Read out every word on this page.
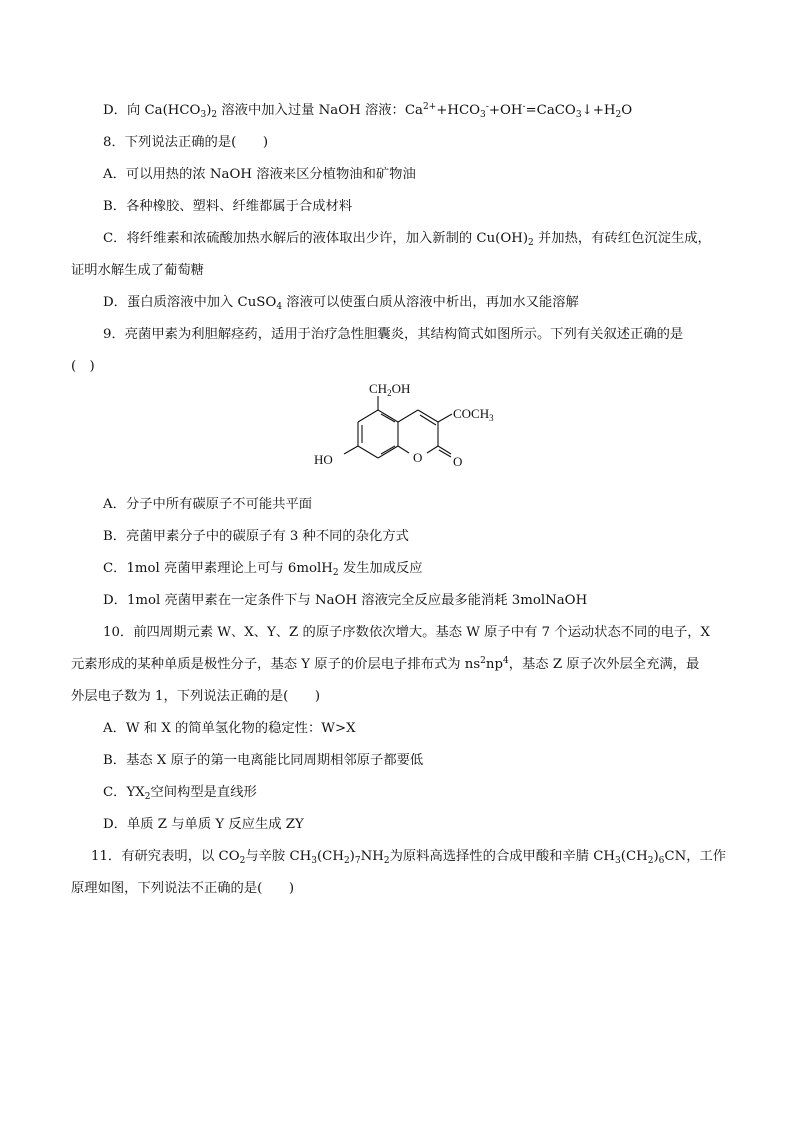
D．向 $Ca(HCO_3)_2$ 溶液中加入过量 NaOH 溶液：$Ca^{2+}+HCO_3^-+OH^-=CaCO_3↓+H_2O$
8．下列说法正确的是(　　)
A．可以用热的浓 NaOH 溶液来区分植物油和矿物油
B．各种橡胶、塑料、纤维都属于合成材料
C．将纤维素和浓硫酸加热水解后的液体取出少许，加入新制的 $Cu(OH)_2$ 并加热，有砖红色沉淀生成，
证明水解生成了葡萄糖
D．蛋白质溶液中加入 CuSO$_4$ 溶液可以使蛋白质从溶液中析出，再加水又能溶解
9．亮菌甲素为利胆解痉药，适用于治疗急性胆囊炎，其结构简式如图所示。下列有关叙述正确的是
(　)
$CH_2OH$
$COCH_3$
HO	O O
A．分子中所有碳原子不可能共平面
B．亮菌甲素分子中的碳原子有 3 种不同的杂化方式
C．1mol 亮菌甲素理论上可与 6molH$_2$ 发生加成反应
D．1mol 亮菌甲素在一定条件下与 NaOH 溶液完全反应最多能消耗 3molNaOH
10．前四周期元素 W、X、Y、Z 的原子序数依次增大。基态 W 原子中有 7 个运动状态不同的电子，X
元素形成的某种单质是极性分子，基态 Y 原子的价层电子排布式为 $ns^2np^4$，基态 Z 原子次外层全充满，最
外层电子数为 1，下列说法正确的是(　　)
A．W 和 X 的简单氢化物的稳定性：W>X
B．基态 X 原子的第一电离能比同周期相邻原子都要低
C．$YX_2$空间构型是直线形
D．单质 Z 与单质 Y 反应生成 ZY
11．有研究表明，以 $CO_2$与辛胺 $CH_3(CH_2)_7NH_2$为原料高选择性的合成甲酸和辛腈 $CH_3(CH_2)_6CN$，工作
原理如图，下列说法不正确的是(　　)
